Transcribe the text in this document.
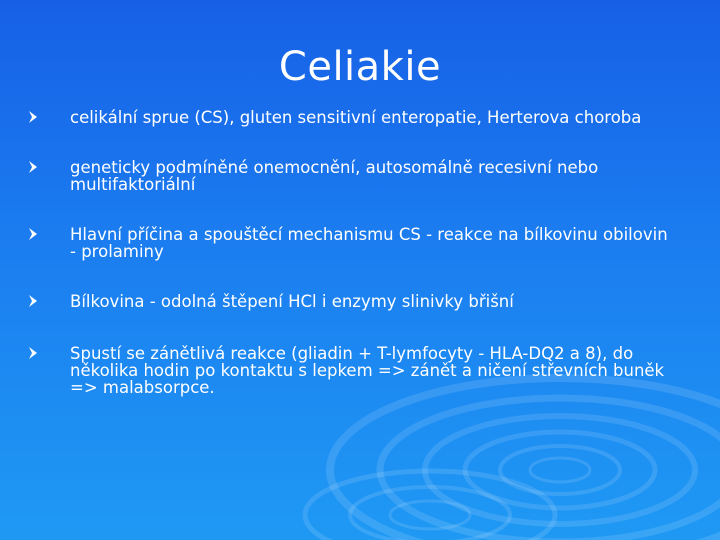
Celiakie
celikální sprue (CS), gluten sensitivní enteropatie, Herterova choroba
geneticky podmíněné onemocnění, autosomálně recesivní nebo multifaktoriální
Hlavní příčina a spouštěcí mechanismu CS - reakce na bílkovinu obilovin - prolaminy
Bílkovina - odolná štěpení HCl i enzymy slinivky břišní
Spustí se zánětlivá reakce (gliadin + T-lymfocyty - HLA-DQ2 a 8), do několika hodin po kontaktu s lepkem => zánět a ničení střevních buněk => malabsorpce.
